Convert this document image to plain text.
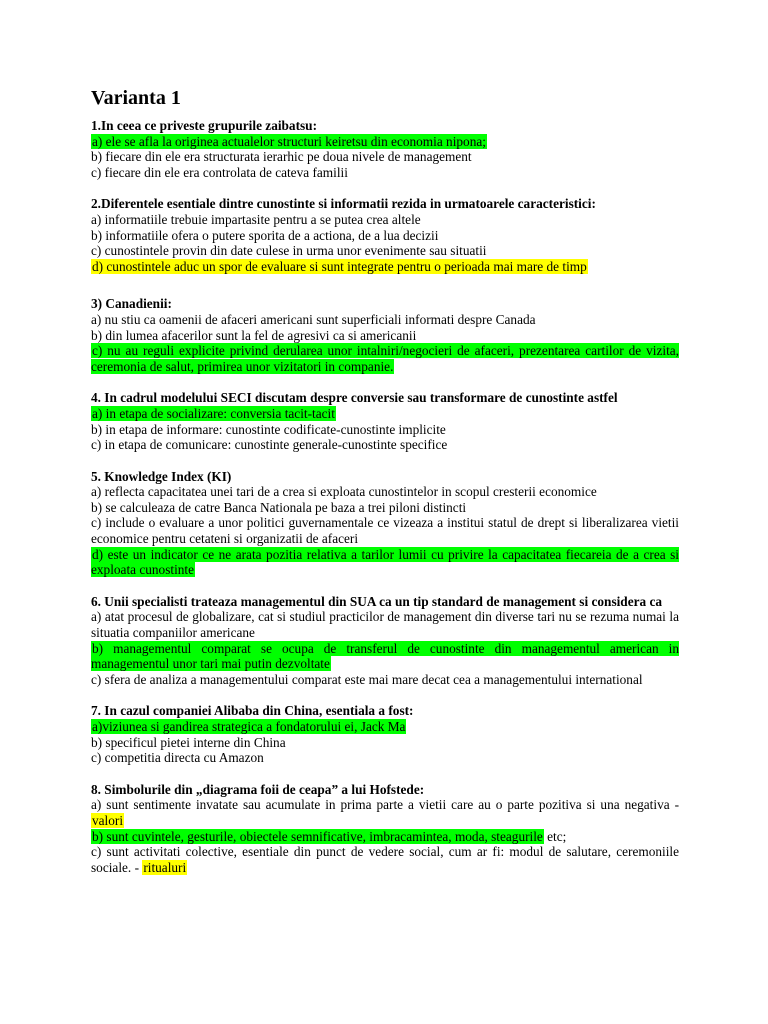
Varianta 1
1.In ceea ce priveste grupurile zaibatsu:
a) ele se afla la originea actualelor structuri keiretsu din economia nipona;
b) fiecare din ele era structurata ierarhic pe doua nivele de management
c) fiecare din ele era controlata de cateva familii
2.Diferentele esentiale dintre cunostinte si informatii rezida in urmatoarele caracteristici:
a) informatiile trebuie impartasite pentru a se putea crea altele
b) informatiile ofera o putere sporita de a actiona, de a lua decizii
c) cunostintele provin din date culese in urma unor evenimente sau situatii
d) cunostintele aduc un spor de evaluare si sunt integrate pentru o perioada mai mare de timp
3) Canadienii:
a) nu stiu ca oamenii de afaceri americani sunt superficiali informati despre Canada
b) din lumea afacerilor sunt la fel de agresivi ca si americanii
c) nu au reguli explicite privind derularea unor intalniri/negocieri de afaceri, prezentarea cartilor de vizita, ceremonia de salut, primirea unor vizitatori in companie.
4. In cadrul modelului SECI discutam despre conversie sau transformare de cunostinte astfel
a) in etapa de socializare: conversia tacit-tacit
b) in etapa de informare: cunostinte codificate-cunostinte implicite
c) in etapa de comunicare: cunostinte generale-cunostinte specifice
5. Knowledge Index (KI)
a) reflecta capacitatea unei tari de a crea si exploata cunostintelor in scopul cresterii economice
b) se calculeaza de catre Banca Nationala pe baza a trei piloni distincti
c) include o evaluare a unor politici guvernamentale ce vizeaza a institui statul de drept si liberalizarea vietii economice pentru cetateni si organizatii de afaceri
d) este un indicator ce ne arata pozitia relativa a tarilor lumii cu privire la capacitatea fiecareia de a crea si exploata cunostinte
6. Unii specialisti trateaza managementul din SUA ca un tip standard de management si considera ca
a) atat procesul de globalizare, cat si studiul practicilor de management din diverse tari nu se rezuma numai la situatia companiilor americane
b) managementul comparat se ocupa de transferul de cunostinte din managementul american in managementul unor tari mai putin dezvoltate
c) sfera de analiza a managementului comparat este mai mare decat cea a managementului international
7. In cazul companiei Alibaba din China, esentiala a fost:
a)viziunea si gandirea strategica a fondatorului ei, Jack Ma
b) specificul pietei interne din China
c) competitia directa cu Amazon
8. Simbolurile din „diagrama foii de ceapa” a lui Hofstede:
a) sunt sentimente invatate sau acumulate in prima parte a vietii care au o parte pozitiva si una negativa - valori
b) sunt cuvintele, gesturile, obiectele semnificative, imbracamintea, moda, steagurile etc;
c) sunt activitati colective, esentiale din punct de vedere social, cum ar fi: modul de salutare, ceremoniile sociale. - ritualuri
